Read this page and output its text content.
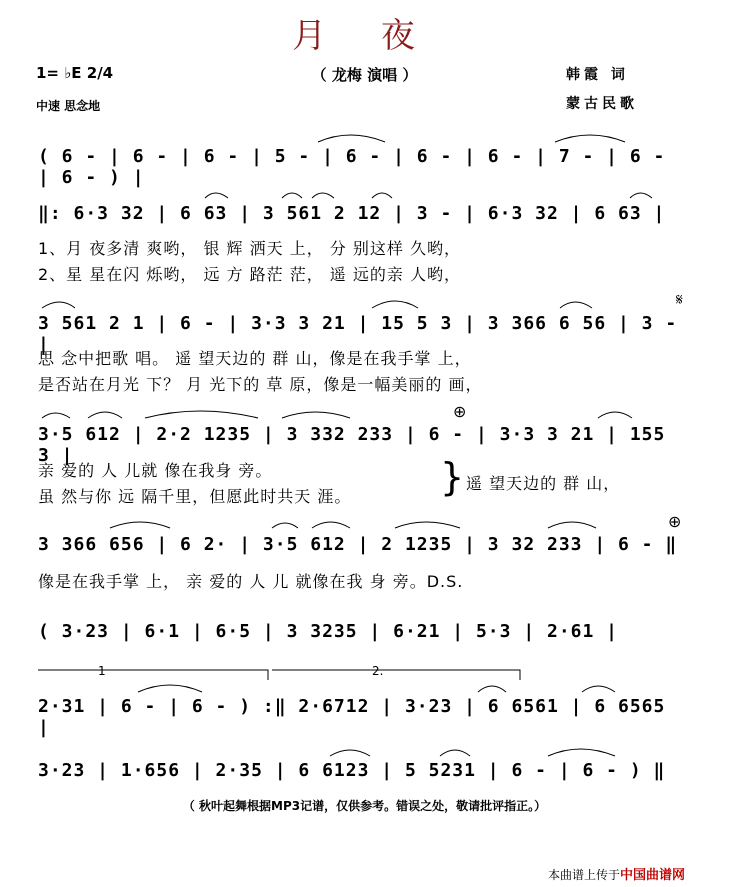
月 夜
（ 龙梅 演唱 ）
1= ♭E 2/4
中速 思念地
韩霞 词
蒙古民歌
( 6 - | 6 - | 6 - | 5 - | 6 - | 6 - | 6 - | 7 - | 6 - | 6 - ) |
‖: 6·3 32 | 6 63 | 3 561 2 12 | 3 - | 6·3 32 | 6 63 |
1、月 夜多清 爽哟， 银 辉 洒天 上， 分 别这样 久哟，
2、星 星在闪 烁哟， 远 方 路茫 茫， 遥 远的亲 人哟，
3 561 2 1 | 6 - | 3·3 3 21 | 15 5 3 | 3 366 6 56 | 3 - |
𝄋
思 念中把歌 唱。 遥 望天边的 群 山，像是在我手掌 上，
是否站在月光 下？ 月 光下的 草 原，像是一幅美丽的 画，
3·5 612 | 2·2 1235 | 3 332 233 | 6 - | 3·3 3 21 | 155 3 |
⊕
亲 爱的 人 儿就 像在我身 旁。
虽 然与你 远 隔千里，但愿此时共天 涯。 } 遥 望天边的 群 山，
3 366 656 | 6 2· | 3·5 612 | 2 1235 | 3 32 233 | 6 - ‖
⊕
像是在我手掌 上， 亲 爱的 人 儿 就像在我 身 旁。D.S.
( 3·23 | 6·1 | 6·5 | 3 3235 | 6·21 | 5·3 | 2·61 |
1	2.
2·31 | 6 - | 6 - ) :‖ 2·6712 | 3·23 | 6 6561 | 6 6565 |
3·23 | 1·656 | 2·35 | 6 6123 | 5 5231 | 6 - | 6 - ) ‖
（ 秋叶起舞根据MP3记谱，仅供参考。错误之处，敬请批评指正。）
本曲谱上传于 中国曲谱网
